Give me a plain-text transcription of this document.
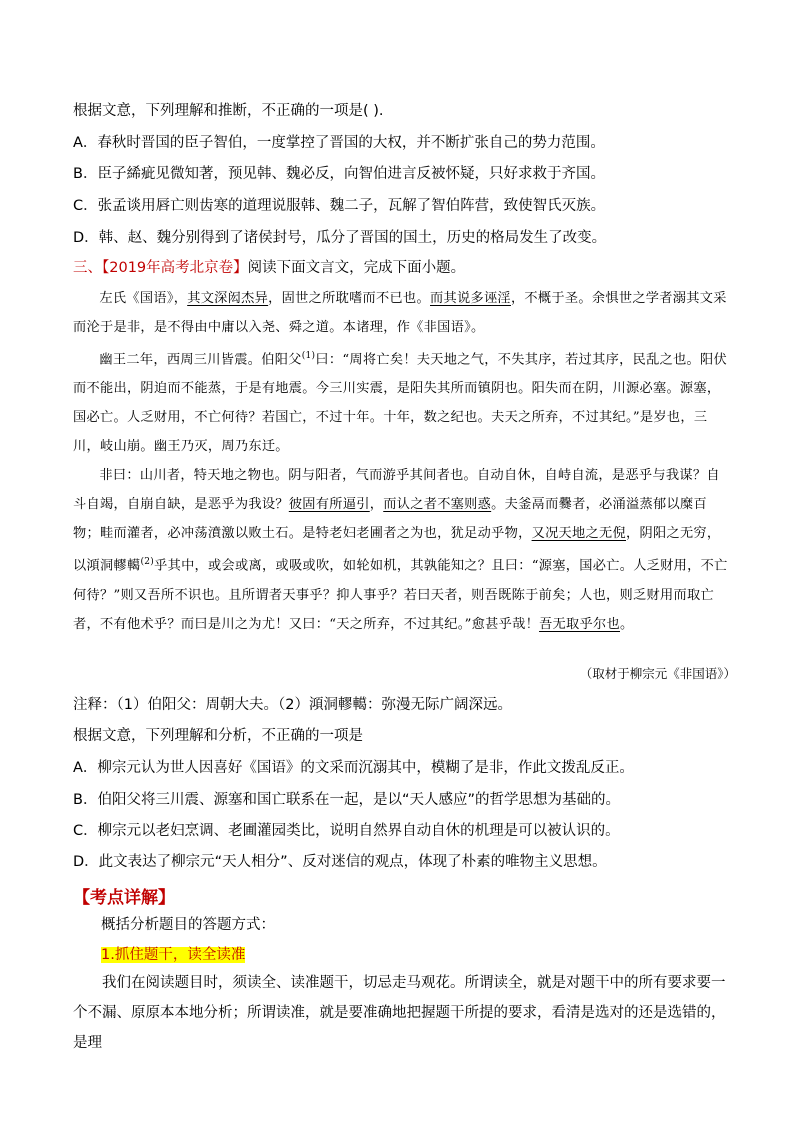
根据文意，下列理解和推断，不正确的一项是( ).
A．春秋时晋国的臣子智伯，一度掌控了晋国的大权，并不断扩张自己的势力范围。
B．臣子絺疵见微知著，预见韩、魏必反，向智伯进言反被怀疑，只好求救于齐国。
C．张孟谈用唇亡则齿寒的道理说服韩、魏二子，瓦解了智伯阵营，致使智氏灭族。
D．韩、赵、魏分别得到了诸侯封号，瓜分了晋国的国土，历史的格局发生了改变。
三、【2019年高考北京卷】阅读下面文言文，完成下面小题。

左氏《国语》，其文深闳杰异，固世之所耽嗜而不已也。而其说多诬淫，不概于圣。余惧世之学者溺其文采而沦于是非，是不得由中庸以入尧、舜之道。本诸理，作《非国语》。

幽王二年，西周三川皆震。伯阳父$^{(1)}$曰：“周将亡矣！夫天地之气，不失其序，若过其序，民乱之也。阳伏而不能出，阴迫而不能蒸，于是有地震。今三川实震，是阳失其所而镇阴也。阳失而在阴，川源必塞。源塞，国必亡。人乏财用，不亡何待？若国亡，不过十年。十年，数之纪也。夫天之所弃，不过其纪。”是岁也，三川，岐山崩。幽王乃灭，周乃东迁。

非曰：山川者，特天地之物也。阴与阳者，气而游乎其间者也。自动自休，自峙自流，是恶乎与我谋？自斗自竭，自崩自缺，是恶乎为我设？彼固有所逼引，而认之者不塞则惑。夫釜鬲而爨者，必涌溢蒸郁以糜百物；畦而灌者，必冲荡濆激以败土石。是特老妇老圃者之为也，犹足动乎物，又况天地之无倪，阴阳之无穷，以澒洞轇轕$^{(2)}$乎其中，或会或离，或吸或吹，如轮如机，其孰能知之？且曰：“源塞，国必亡。人乏财用，不亡何待？”则又吾所不识也。且所谓者天事乎？抑人事乎？若曰天者，则吾既陈于前矣；人也，则乏财用而取亡者，不有他术乎？而曰是川之为尤！又曰：“天之所弃，不过其纪。”愈甚乎哉！吾无取乎尔也。

（取材于柳宗元《非国语》）
注释：（1）伯阳父：周朝大夫。（2）澒洞轇轕：弥漫无际广阔深远。
根据文意，下列理解和分析，不正确的一项是
A．柳宗元认为世人因喜好《国语》的文采而沉溺其中，模糊了是非，作此文拨乱反正。
B．伯阳父将三川震、源塞和国亡联系在一起，是以“天人感应”的哲学思想为基础的。
C．柳宗元以老妇烹调、老圃灌园类比，说明自然界自动自休的机理是可以被认识的。
D．此文表达了柳宗元“天人相分”、反对迷信的观点，体现了朴素的唯物主义思想。
【考点详解】
概括分析题目的答题方式：
1.抓住题干，读全读准

我们在阅读题目时，须读全、读准题干，切忌走马观花。所谓读全，就是对题干中的所有要求要一个不漏、原原本本地分析；所谓读准，就是要准确地把握题干所提的要求，看清是选对的还是选错的，是理
